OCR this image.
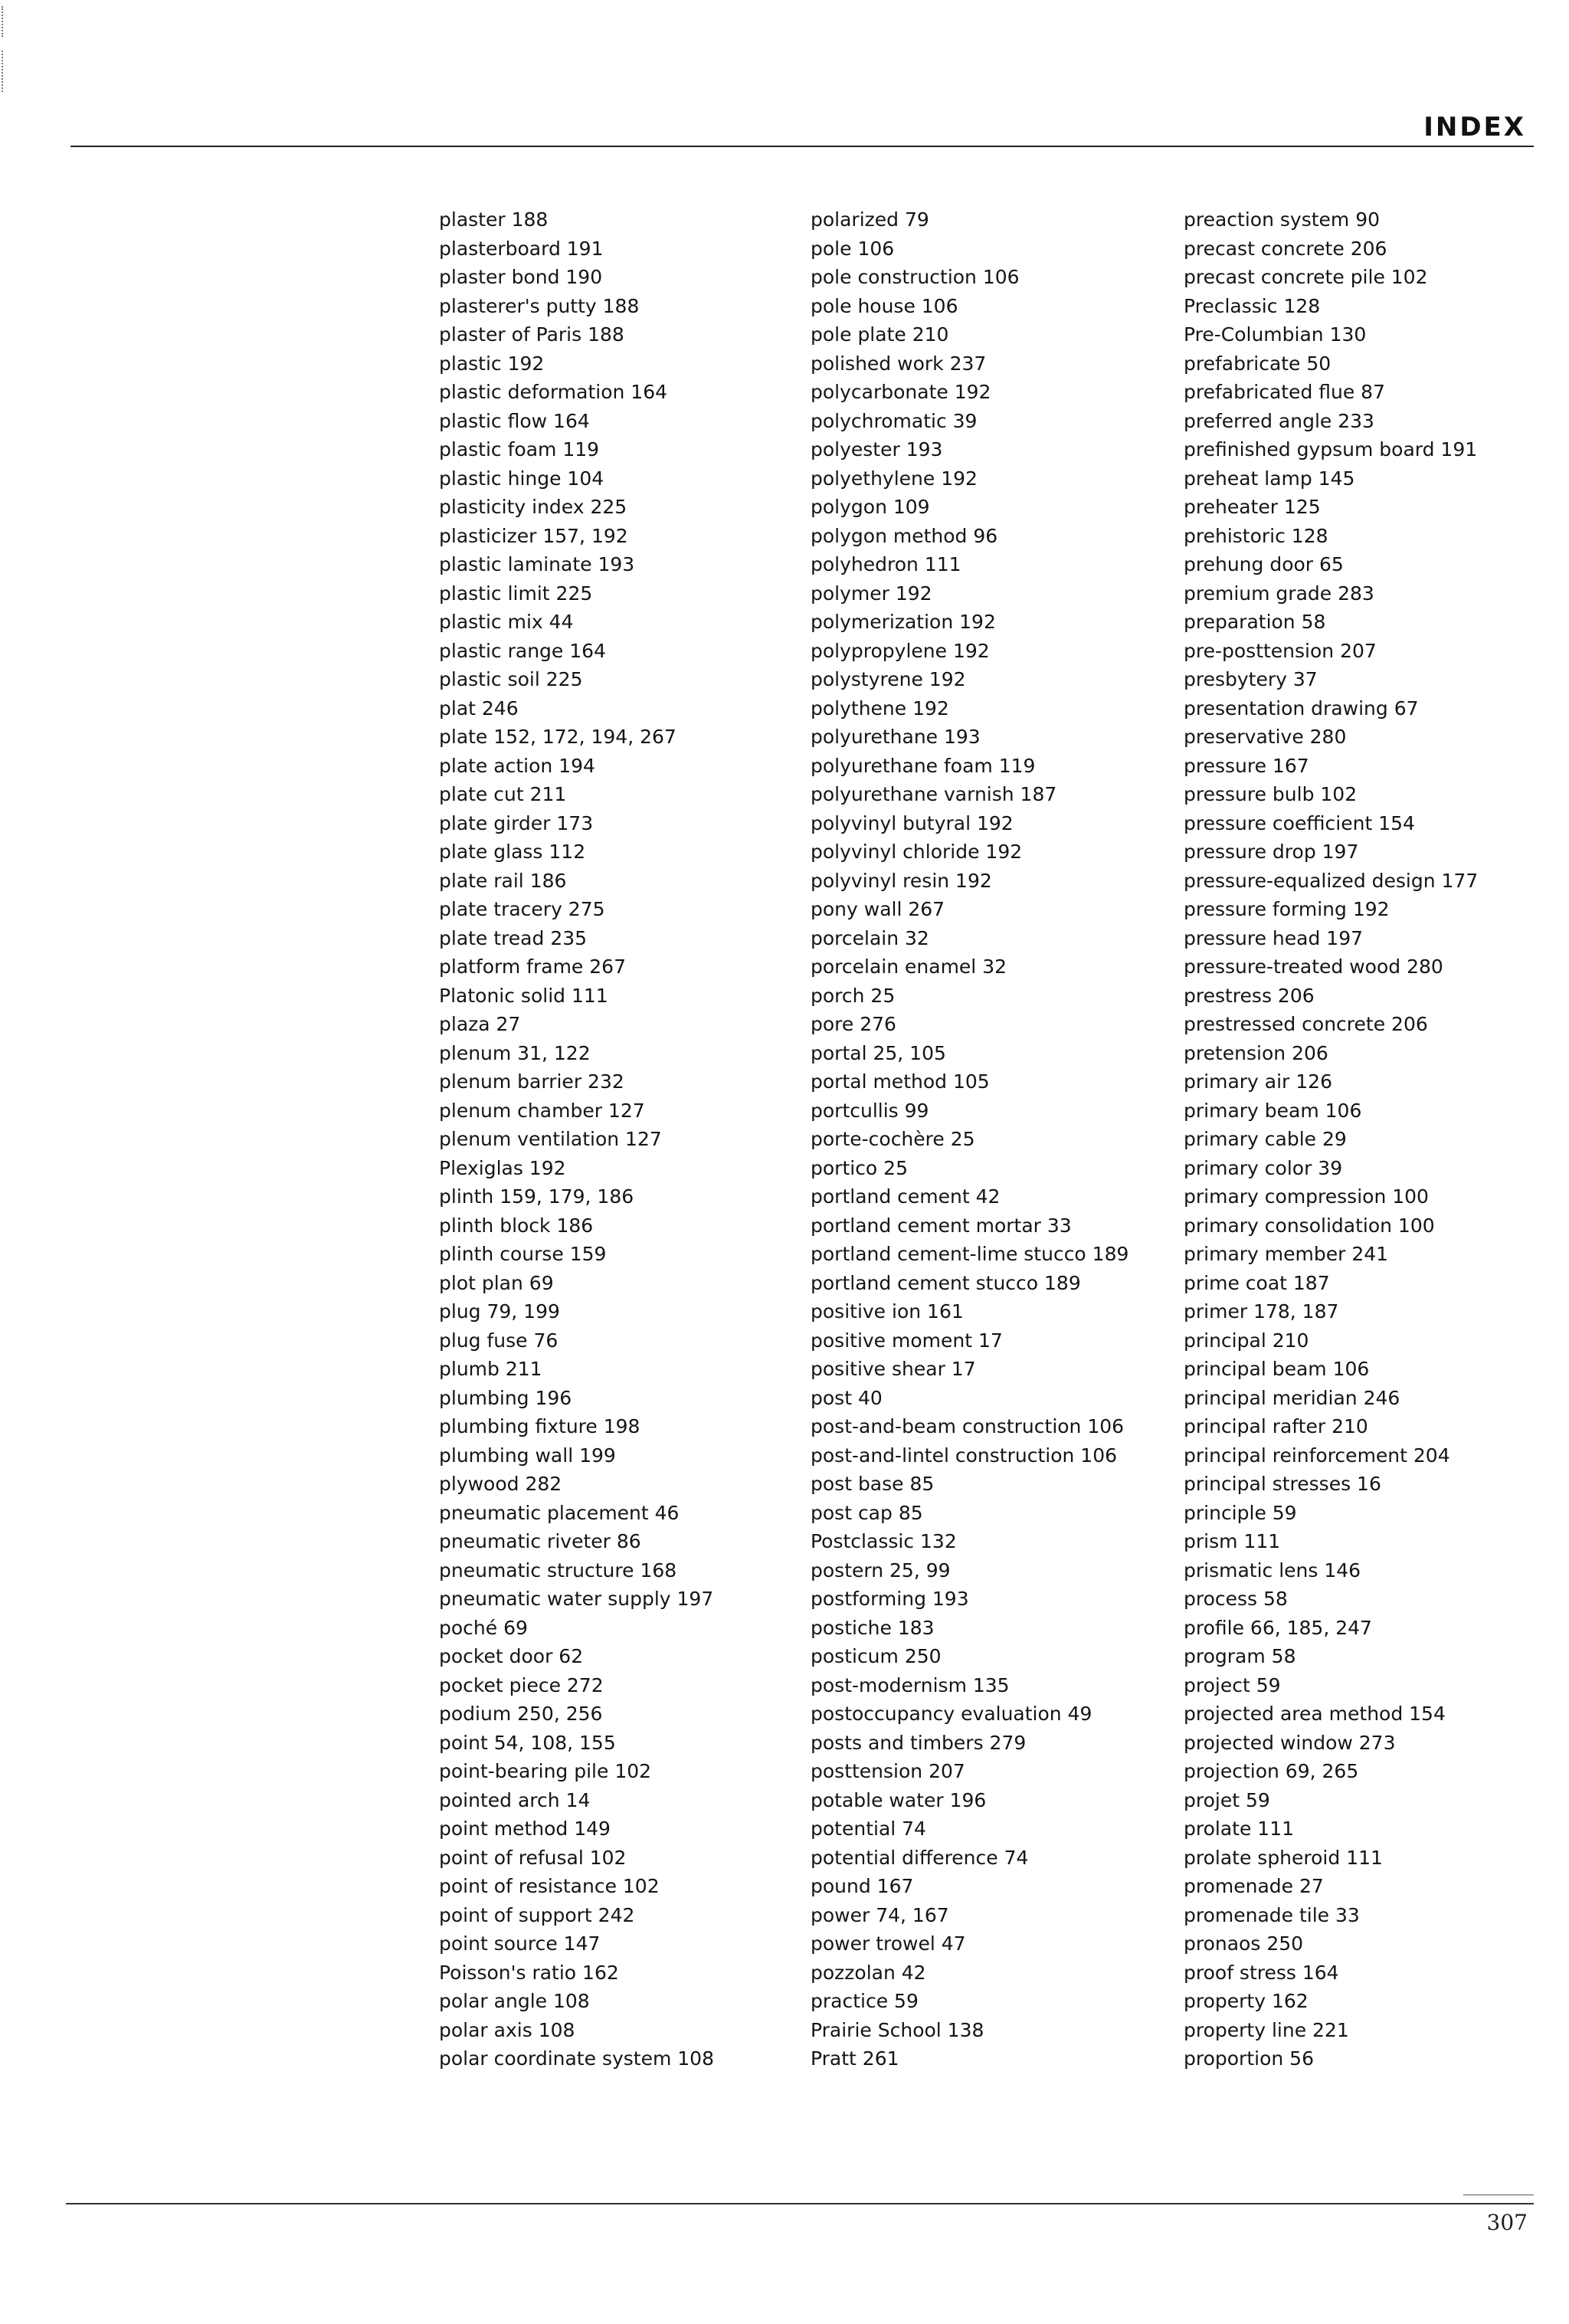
INDEX
plaster 188
plasterboard 191
plaster bond 190
plasterer's putty 188
plaster of Paris 188
plastic 192
plastic deformation 164
plastic flow 164
plastic foam 119
plastic hinge 104
plasticity index 225
plasticizer 157, 192
plastic laminate 193
plastic limit 225
plastic mix 44
plastic range 164
plastic soil 225
plat 246
plate 152, 172, 194, 267
plate action 194
plate cut 211
plate girder 173
plate glass 112
plate rail 186
plate tracery 275
plate tread 235
platform frame 267
Platonic solid 111
plaza 27
plenum 31, 122
plenum barrier 232
plenum chamber 127
plenum ventilation 127
Plexiglas 192
plinth 159, 179, 186
plinth block 186
plinth course 159
plot plan 69
plug 79, 199
plug fuse 76
plumb 211
plumbing 196
plumbing fixture 198
plumbing wall 199
plywood 282
pneumatic placement 46
pneumatic riveter 86
pneumatic structure 168
pneumatic water supply 197
poché 69
pocket door 62
pocket piece 272
podium 250, 256
point 54, 108, 155
point-bearing pile 102
pointed arch 14
point method 149
point of refusal 102
point of resistance 102
point of support 242
point source 147
Poisson's ratio 162
polar angle 108
polar axis 108
polar coordinate system 108
polarized 79
pole 106
pole construction 106
pole house 106
pole plate 210
polished work 237
polycarbonate 192
polychromatic 39
polyester 193
polyethylene 192
polygon 109
polygon method 96
polyhedron 111
polymer 192
polymerization 192
polypropylene 192
polystyrene 192
polythene 192
polyurethane 193
polyurethane foam 119
polyurethane varnish 187
polyvinyl butyral 192
polyvinyl chloride 192
polyvinyl resin 192
pony wall 267
porcelain 32
porcelain enamel 32
porch 25
pore 276
portal 25, 105
portal method 105
portcullis 99
porte-cochère 25
portico 25
portland cement 42
portland cement mortar 33
portland cement-lime stucco 189
portland cement stucco 189
positive ion 161
positive moment 17
positive shear 17
post 40
post-and-beam construction 106
post-and-lintel construction 106
post base 85
post cap 85
Postclassic 132
postern 25, 99
postforming 193
postiche 183
posticum 250
post-modernism 135
postoccupancy evaluation 49
posts and timbers 279
posttension 207
potable water 196
potential 74
potential difference 74
pound 167
power 74, 167
power trowel 47
pozzolan 42
practice 59
Prairie School 138
Pratt 261
preaction system 90
precast concrete 206
precast concrete pile 102
Preclassic 128
Pre-Columbian 130
prefabricate 50
prefabricated flue 87
preferred angle 233
prefinished gypsum board 191
preheat lamp 145
preheater 125
prehistoric 128
prehung door 65
premium grade 283
preparation 58
pre-posttension 207
presbytery 37
presentation drawing 67
preservative 280
pressure 167
pressure bulb 102
pressure coefficient 154
pressure drop 197
pressure-equalized design 177
pressure forming 192
pressure head 197
pressure-treated wood 280
prestress 206
prestressed concrete 206
pretension 206
primary air 126
primary beam 106
primary cable 29
primary color 39
primary compression 100
primary consolidation 100
primary member 241
prime coat 187
primer 178, 187
principal 210
principal beam 106
principal meridian 246
principal rafter 210
principal reinforcement 204
principal stresses 16
principle 59
prism 111
prismatic lens 146
process 58
profile 66, 185, 247
program 58
project 59
projected area method 154
projected window 273
projection 69, 265
projet 59
prolate 111
prolate spheroid 111
promenade 27
promenade tile 33
pronaos 250
proof stress 164
property 162
property line 221
proportion 56
307
